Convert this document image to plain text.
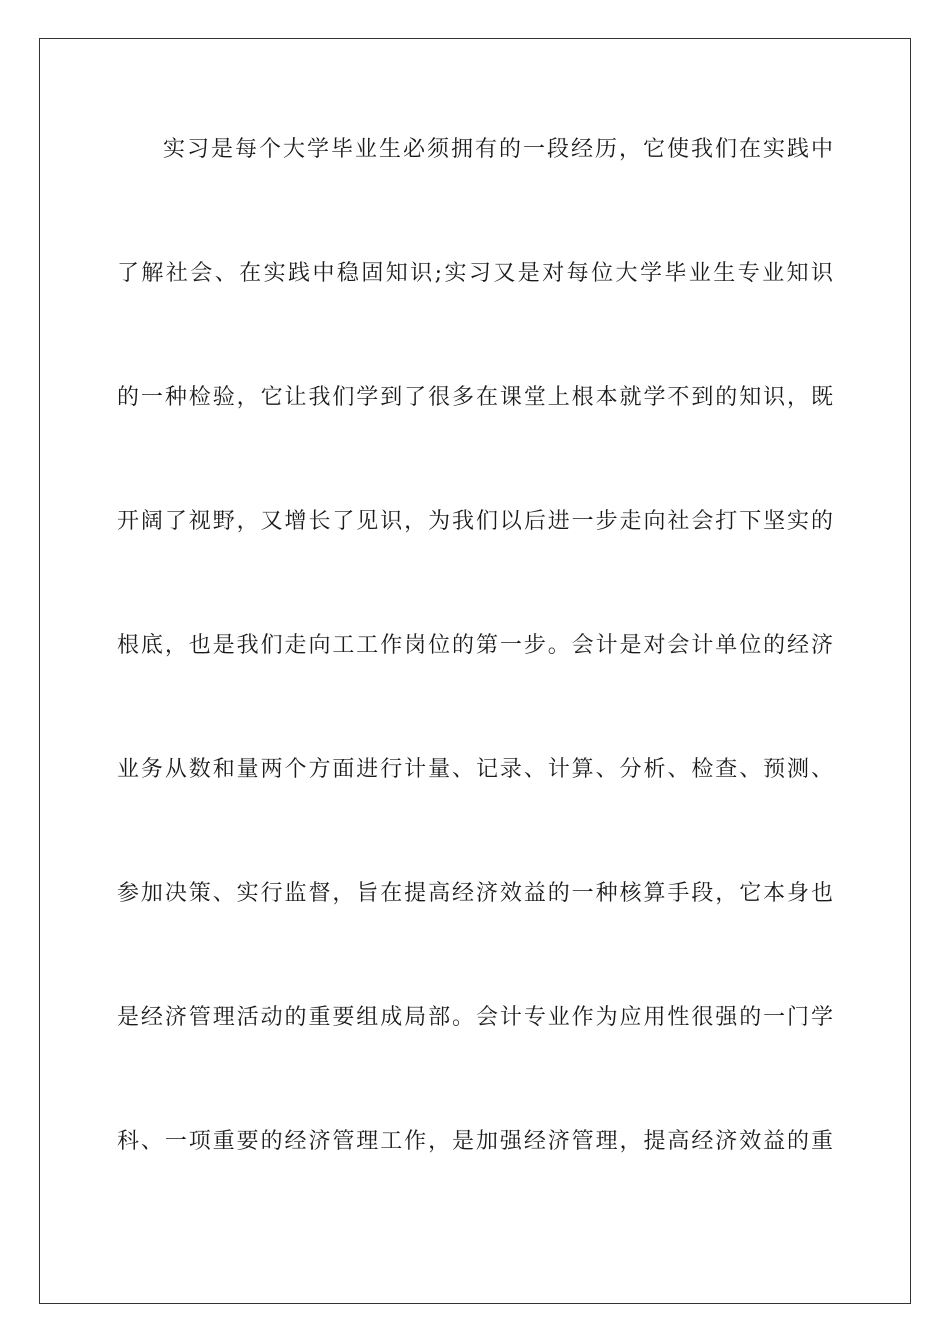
实习是每个大学毕业生必须拥有的一段经历，它使我们在实践中
了解社会、在实践中稳固知识;实习又是对每位大学毕业生专业知识
的一种检验，它让我们学到了很多在课堂上根本就学不到的知识，既
开阔了视野，又增长了见识，为我们以后进一步走向社会打下坚实的
根底，也是我们走向工工作岗位的第一步。会计是对会计单位的经济
业务从数和量两个方面进行计量、记录、计算、分析、检查、预测、
参加决策、实行监督，旨在提高经济效益的一种核算手段，它本身也
是经济管理活动的重要组成局部。会计专业作为应用性很强的一门学
科、一项重要的经济管理工作，是加强经济管理，提高经济效益的重
